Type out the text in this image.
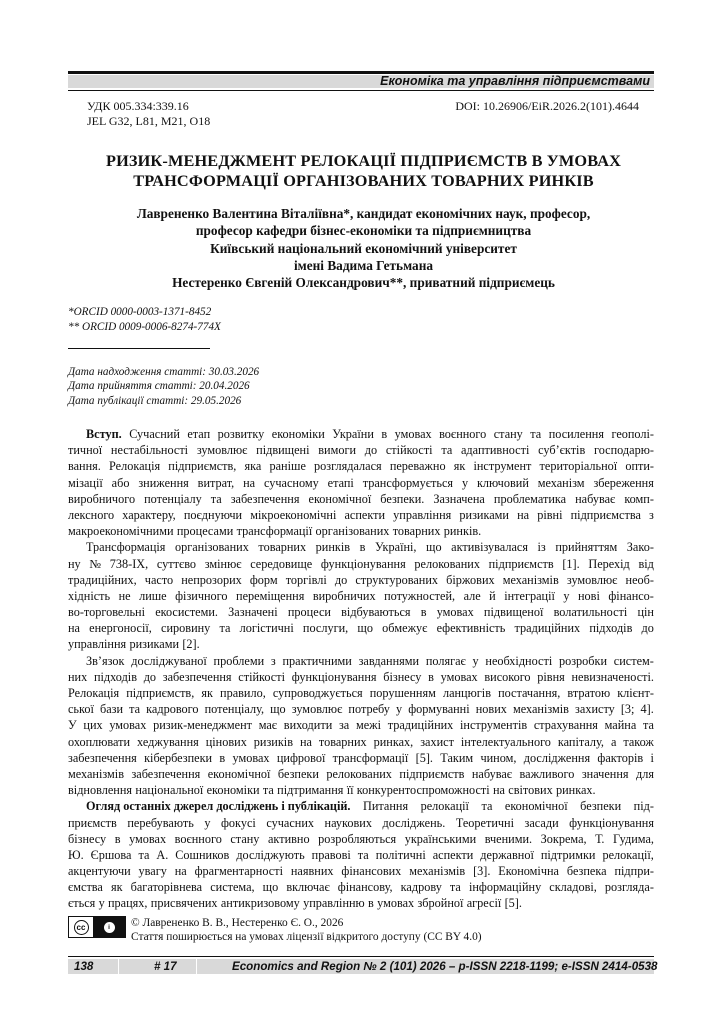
Економіка та управління підприємствами
УДК 005.334:339.16
JEL G32, L81, M21, O18
DOI: 10.26906/EiR.2026.2(101).4644
РИЗИК-МЕНЕДЖМЕНТ РЕЛОКАЦІЇ ПІДПРИЄМСТВ В УМОВАХ
ТРАНСФОРМАЦІЇ ОРГАНІЗОВАНИХ ТОВАРНИХ РИНКІВ
Лаврененко Валентина Віталіївна*, кандидат економічних наук, професор,
професор кафедри бізнес-економіки та підприємництва
Київський національний економічний університет
імені Вадима Гетьмана
Нестеренко Євгеній Олександрович**, приватний підприємець
*ORCID 0000-0003-1371-8452
** ORCID 0009-0006-8274-774X
Дата надходження статті: 30.03.2026
Дата прийняття статті: 20.04.2026
Дата публікації статті: 29.05.2026
Вступ. Сучасний етап розвитку економіки України в умовах воєнного стану та посилення геополі-
тичної нестабільності зумовлює підвищені вимоги до стійкості та адаптивності суб’єктів господарю-
вання. Релокація підприємств, яка раніше розглядалася переважно як інструмент територіальної опти-
мізації або зниження витрат, на сучасному етапі трансформується у ключовий механізм збереження
виробничого потенціалу та забезпечення економічної безпеки. Зазначена проблематика набуває комп-
лексного характеру, поєднуючи мікроекономічні аспекти управління ризиками на рівні підприємства з
макроекономічними процесами трансформації організованих товарних ринків.
Трансформація організованих товарних ринків в Україні, що активізувалася із прийняттям Зако-
ну № 738-IX, суттєво змінює середовище функціонування релокованих підприємств [1]. Перехід від
традиційних, часто непрозорих форм торгівлі до структурованих біржових механізмів зумовлює необ-
хідність не лише фізичного переміщення виробничих потужностей, але й інтеграції у нові фінансо-
во-торговельні екосистеми. Зазначені процеси відбуваються в умовах підвищеної волатильності цін
на енергоносії, сировину та логістичні послуги, що обмежує ефективність традиційних підходів до
управління ризиками [2].
Зв’язок досліджуваної проблеми з практичними завданнями полягає у необхідності розробки систем-
них підходів до забезпечення стійкості функціонування бізнесу в умовах високого рівня невизначеності.
Релокація підприємств, як правило, супроводжується порушенням ланцюгів постачання, втратою клієнт-
ської бази та кадрового потенціалу, що зумовлює потребу у формуванні нових механізмів захисту [3; 4].
У цих умовах ризик-менеджмент має виходити за межі традиційних інструментів страхування майна та
охоплювати хеджування цінових ризиків на товарних ринках, захист інтелектуального капіталу, а також
забезпечення кібербезпеки в умовах цифрової трансформації [5]. Таким чином, дослідження факторів і
механізмів забезпечення економічної безпеки релокованих підприємств набуває важливого значення для
відновлення національної економіки та підтримання її конкурентоспроможності на світових ринках.
Огляд останніх джерел досліджень і публікацій. Питання релокації та економічної безпеки під-
приємств перебувають у фокусі сучасних наукових досліджень. Теоретичні засади функціонування
бізнесу в умовах воєнного стану активно розробляються українськими вченими. Зокрема, Т. Гудима,
Ю. Єршова та А. Сошников досліджують правові та політичні аспекти державної підтримки релокації,
акцентуючи увагу на фрагментарності наявних фінансових механізмів [3]. Економічна безпека підпри-
ємства як багаторівнева система, що включає фінансову, кадрову та інформаційну складові, розгляда-
ється у працях, присвячених антикризовому управлінню в умовах збройної агресії [5].
cc	i	© Лаврененко В. В., Нестеренко Є. О., 2026
Стаття поширюється на умовах ліцензії відкритого доступу (CC BY 4.0)
138	# 17	Economics and Region № 2 (101) 2026 – p-ISSN 2218-1199; e-ISSN 2414-0538
